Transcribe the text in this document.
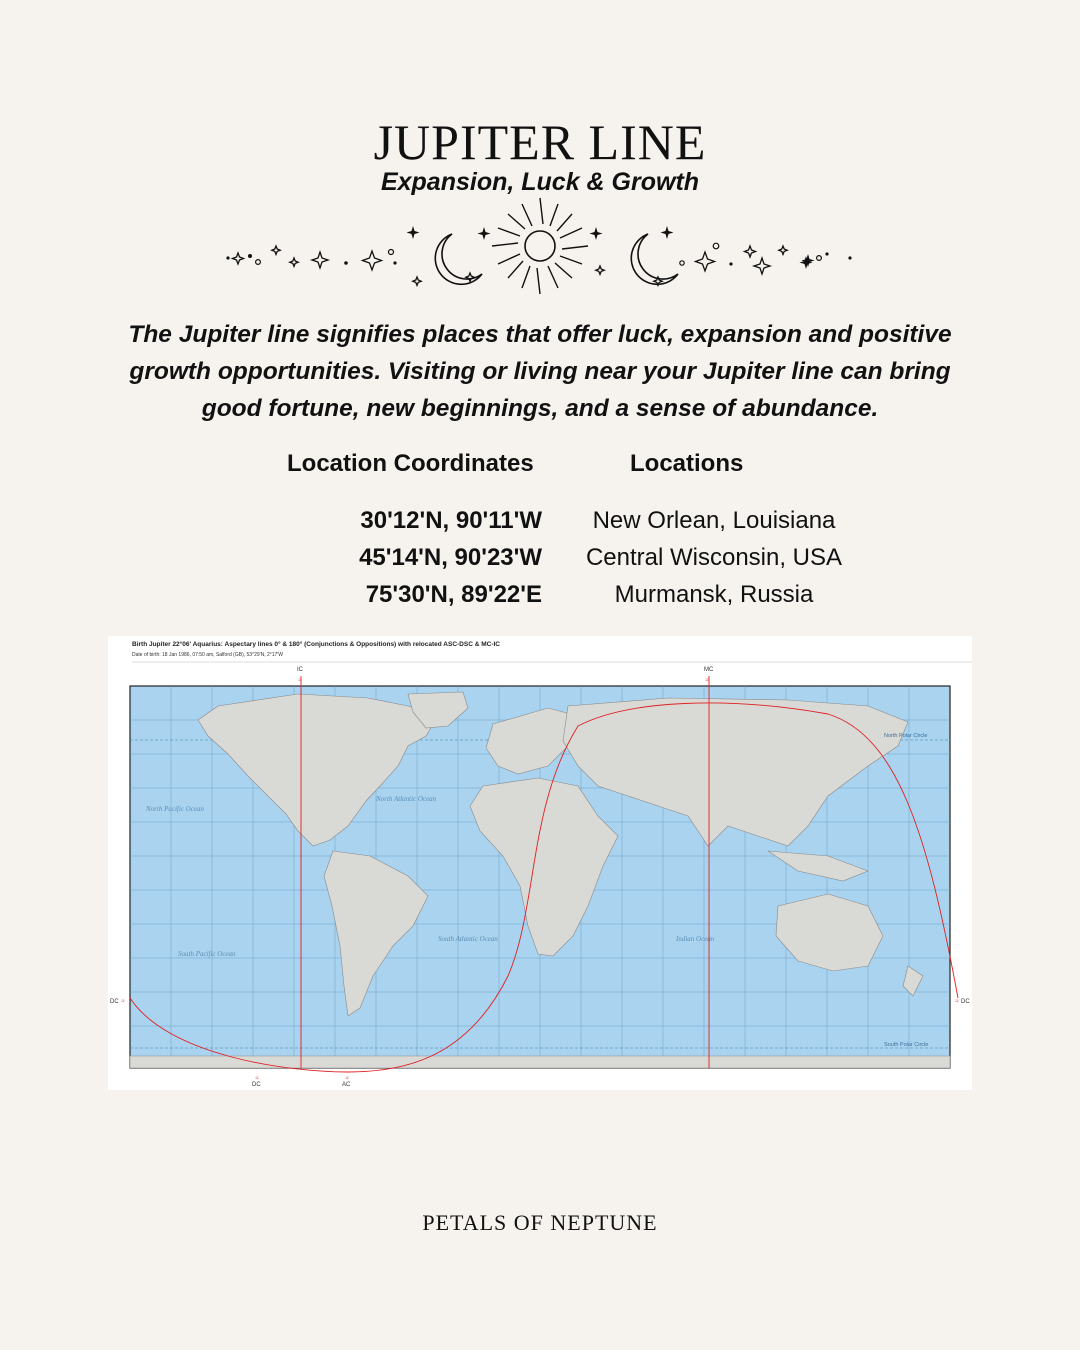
JUPITER LINE
Expansion, Luck & Growth
The Jupiter line signifies places that offer luck, expansion and positive growth opportunities. Visiting or living near your Jupiter line can bring good fortune, new beginnings, and a sense of abundance.
Location Coordinates	Locations
30'12'N, 90'11'W	New Orlean, Louisiana
45'14'N, 90'23'W	Central Wisconsin, USA
75'30'N, 89'22'E	Murmansk, Russia
Birth Jupiter 22°06' Aquarius: Aspectary lines 0° & 180° (Conjunctions & Oppositions) with relocated ASC-DSC & MC-IC
Date of birth: 18 Jan 1986, 07:50 am, Salford (GB), 53°29'N, 2°17'W
North Pacific Ocean
North Atlantic Ocean
South Pacific Ocean
South Atlantic Ocean	Indian Ocean
North Polar Circle
South Polar Circle
IC	MC
DC	AC
DC	DC
♃	♃
♃	♃
♃	♃
PETALS OF NEPTUNE
